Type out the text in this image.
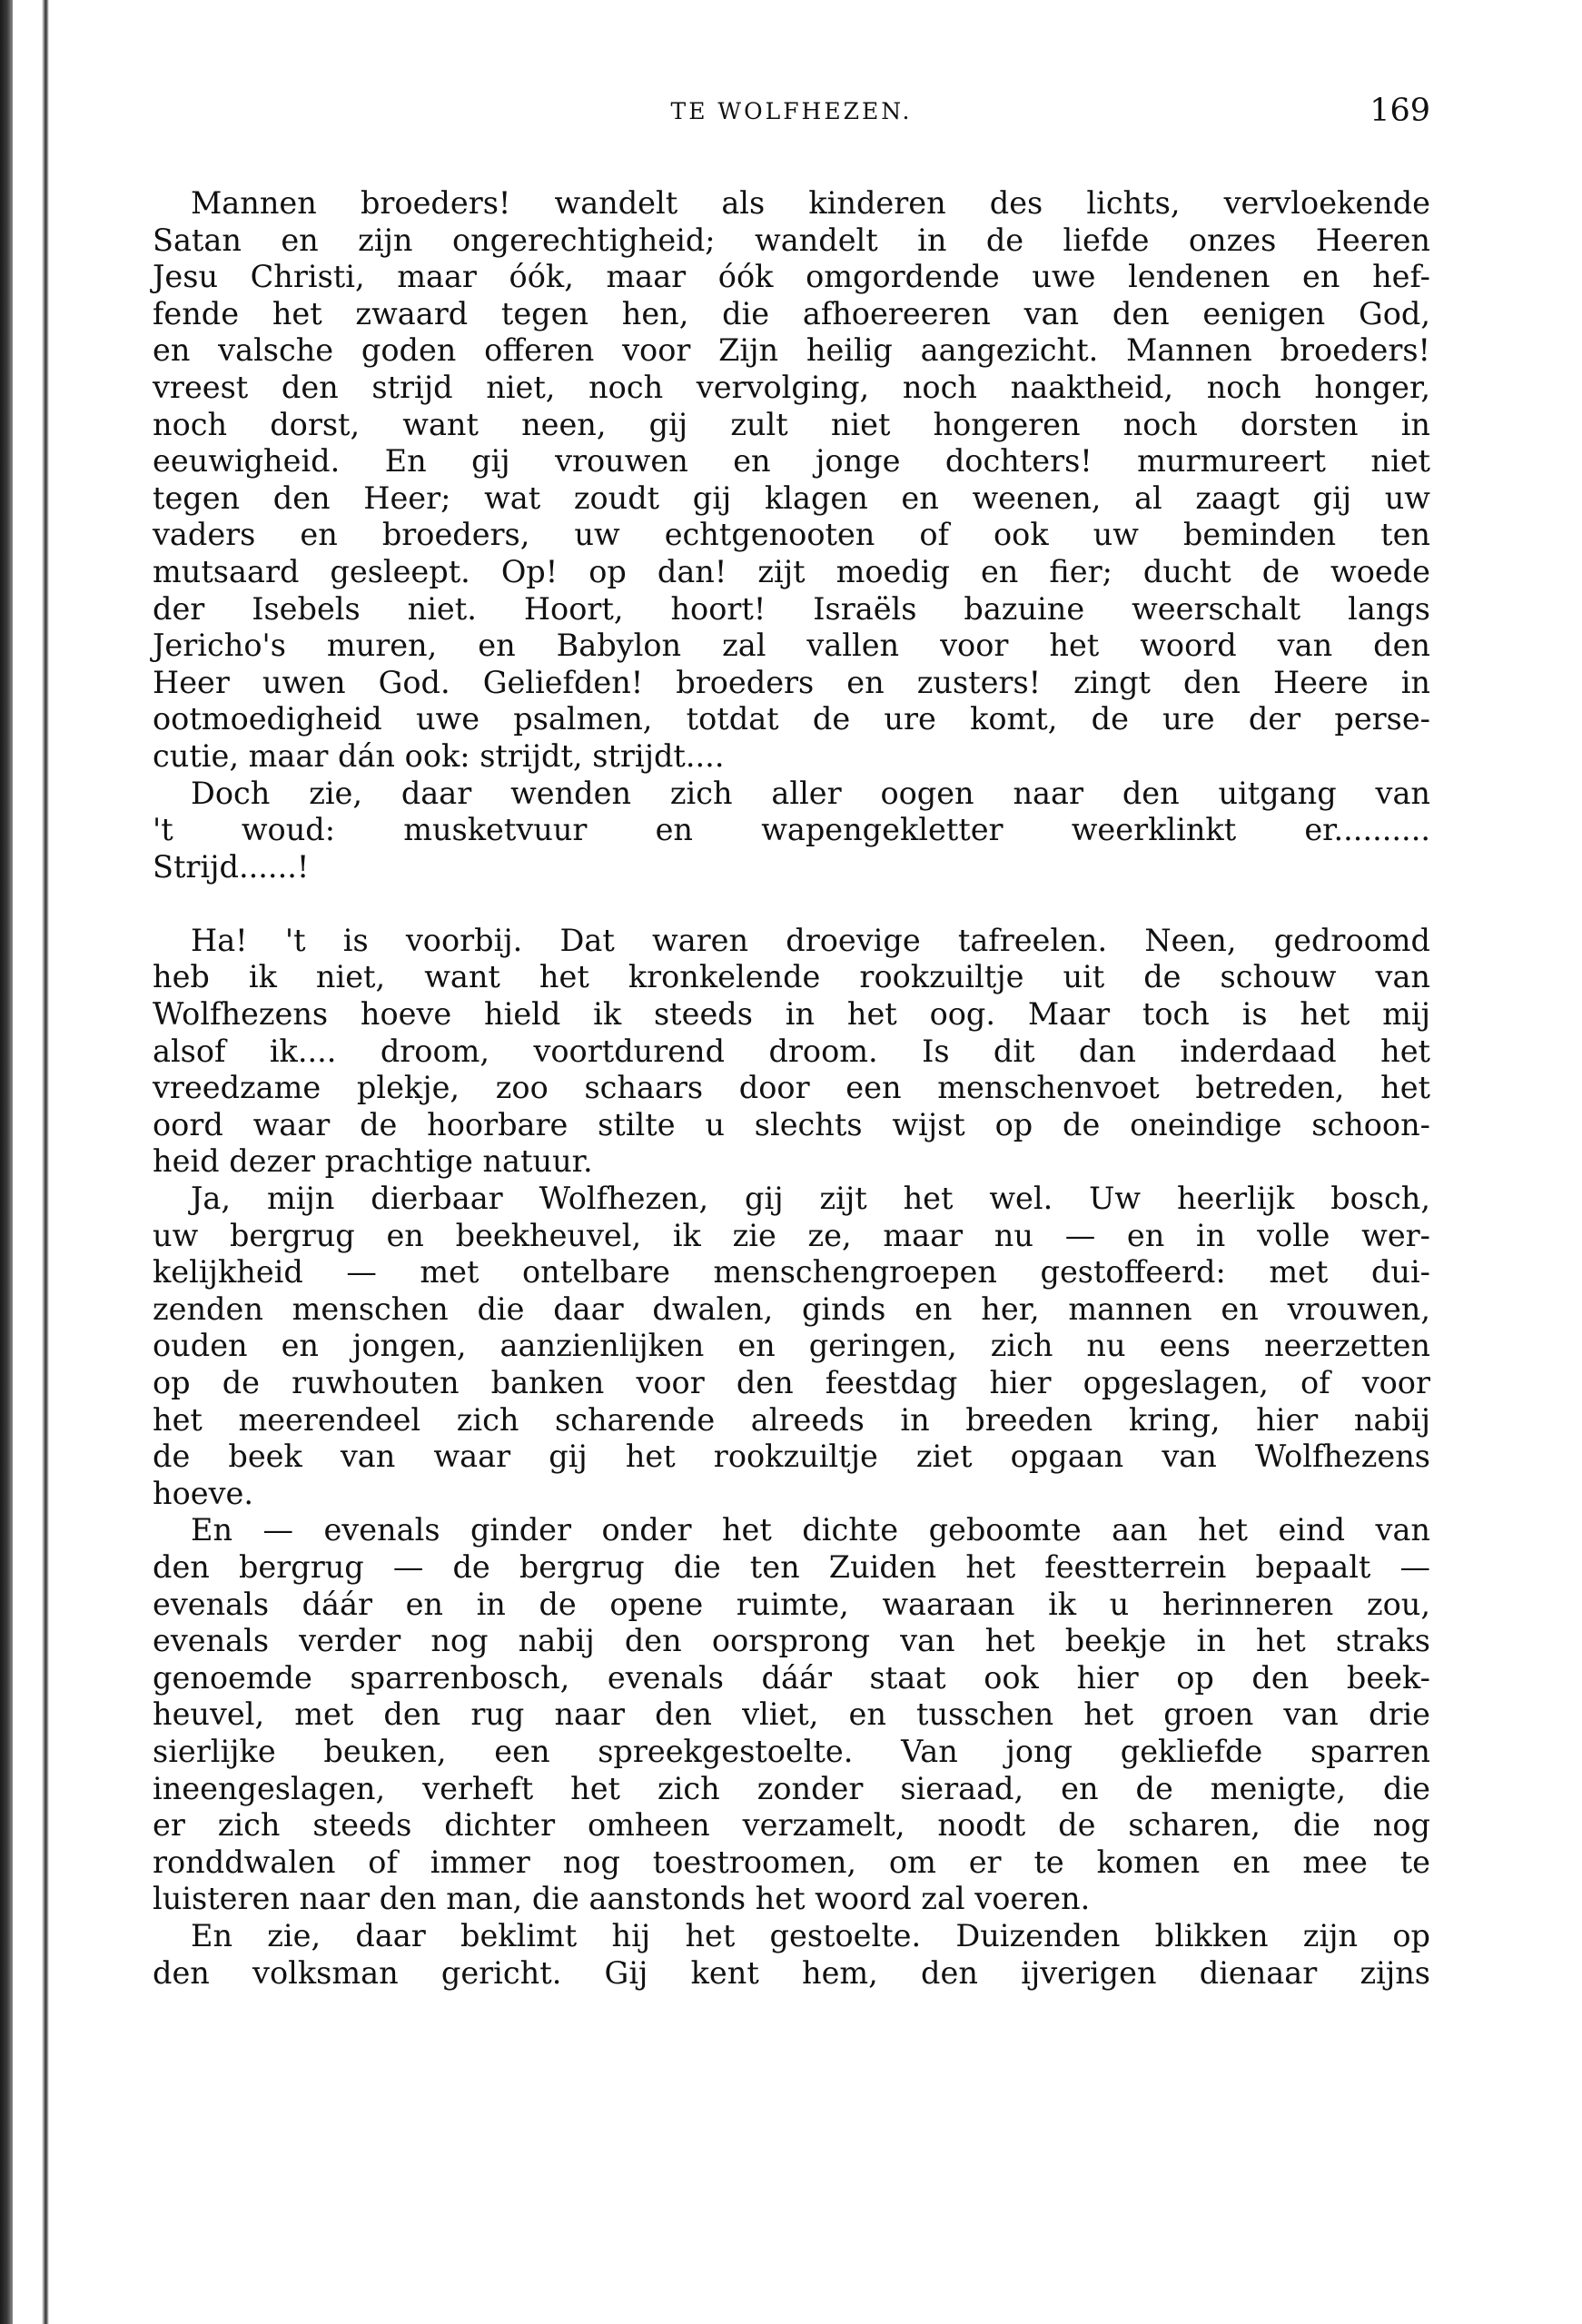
TE WOLFHEZEN.	169
Mannen broeders! wandelt als kinderen des lichts, vervloekende
Satan en zijn ongerechtigheid; wandelt in de liefde onzes Heeren
Jesu Christi, maar óók, maar óók omgordende uwe lendenen en hef-
fende het zwaard tegen hen, die afhoereeren van den eenigen God,
en valsche goden offeren voor Zijn heilig aangezicht. Mannen broeders!
vreest den strijd niet, noch vervolging, noch naaktheid, noch honger,
noch dorst, want neen, gij zult niet hongeren noch dorsten in
eeuwigheid. En gij vrouwen en jonge dochters! murmureert niet
tegen den Heer; wat zoudt gij klagen en weenen, al zaagt gij uw
vaders en broeders, uw echtgenooten of ook uw beminden ten
mutsaard gesleept. Op! op dan! zijt moedig en fier; ducht de woede
der Isebels niet. Hoort, hoort! Israëls bazuine weerschalt langs
Jericho's muren, en Babylon zal vallen voor het woord van den
Heer uwen God. Geliefden! broeders en zusters! zingt den Heere in
ootmoedigheid uwe psalmen, totdat de ure komt, de ure der perse-
cutie, maar dán ook: strijdt, strijdt....
Doch zie, daar wenden zich aller oogen naar den uitgang van
't woud: musketvuur en wapengekletter weerklinkt er..........
Strijd......!
Ha! 't is voorbij. Dat waren droevige tafreelen. Neen, gedroomd
heb ik niet, want het kronkelende rookzuiltje uit de schouw van
Wolfhezens hoeve hield ik steeds in het oog. Maar toch is het mij
alsof ik.... droom, voortdurend droom. Is dit dan inderdaad het
vreedzame plekje, zoo schaars door een menschenvoet betreden, het
oord waar de hoorbare stilte u slechts wijst op de oneindige schoon-
heid dezer prachtige natuur.
Ja, mijn dierbaar Wolfhezen, gij zijt het wel. Uw heerlijk bosch,
uw bergrug en beekheuvel, ik zie ze, maar nu — en in volle wer-
kelijkheid — met ontelbare menschengroepen gestoffeerd: met dui-
zenden menschen die daar dwalen, ginds en her, mannen en vrouwen,
ouden en jongen, aanzienlijken en geringen, zich nu eens neerzetten
op de ruwhouten banken voor den feestdag hier opgeslagen, of voor
het meerendeel zich scharende alreeds in breeden kring, hier nabij
de beek van waar gij het rookzuiltje ziet opgaan van Wolfhezens
hoeve.
En — evenals ginder onder het dichte geboomte aan het eind van
den bergrug — de bergrug die ten Zuiden het feestterrein bepaalt —
evenals dáár en in de opene ruimte, waaraan ik u herinneren zou,
evenals verder nog nabij den oorsprong van het beekje in het straks
genoemde sparrenbosch, evenals dáár staat ook hier op den beek-
heuvel, met den rug naar den vliet, en tusschen het groen van drie
sierlijke beuken, een spreekgestoelte. Van jong gekliefde sparren
ineengeslagen, verheft het zich zonder sieraad, en de menigte, die
er zich steeds dichter omheen verzamelt, noodt de scharen, die nog
ronddwalen of immer nog toestroomen, om er te komen en mee te
luisteren naar den man, die aanstonds het woord zal voeren.
En zie, daar beklimt hij het gestoelte. Duizenden blikken zijn op
den volksman gericht. Gij kent hem, den ijverigen dienaar zijns
